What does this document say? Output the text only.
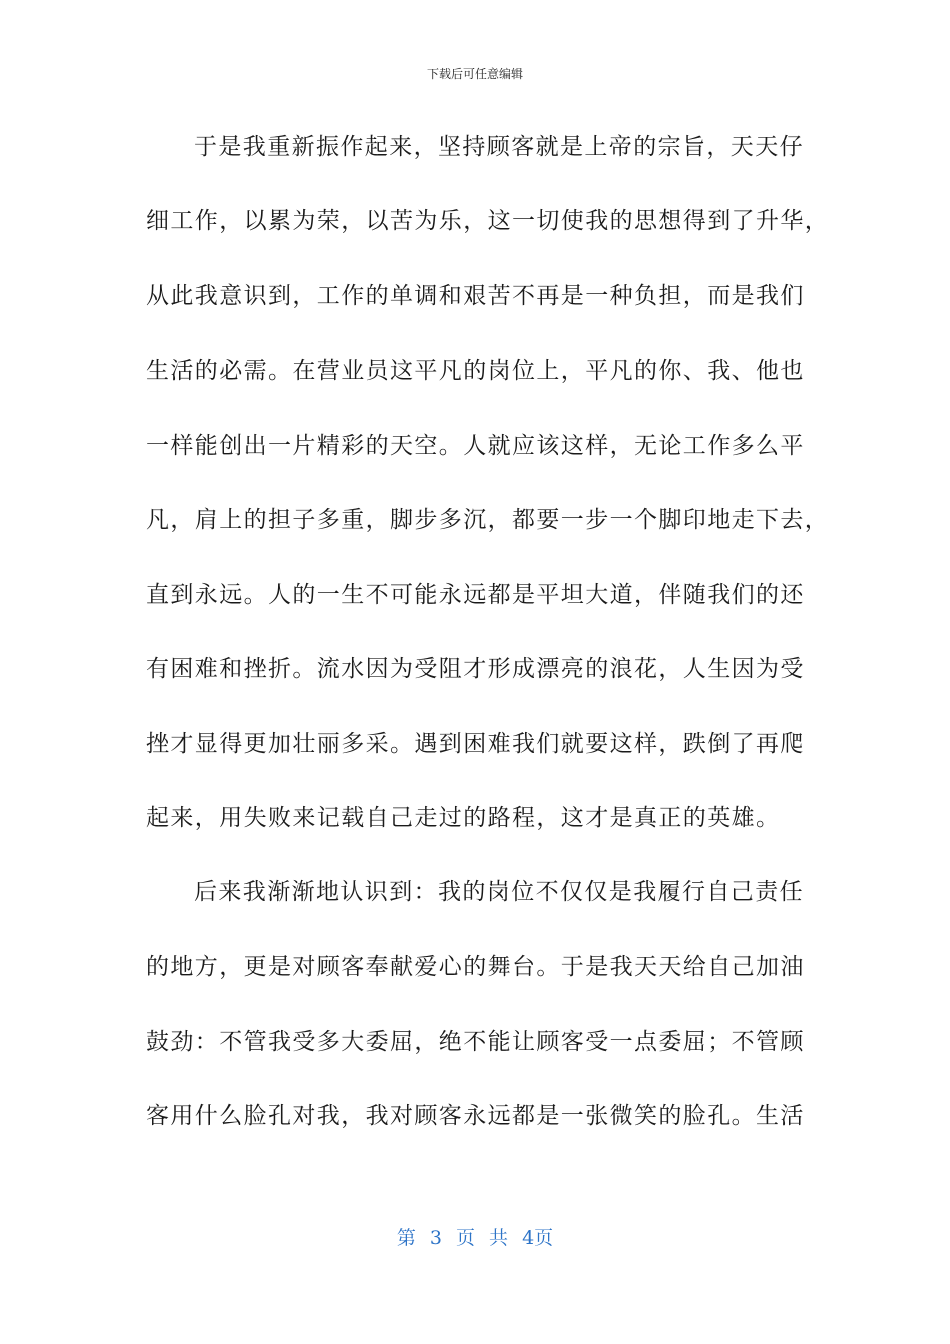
下载后可任意编辑
于是我重新振作起来，坚持顾客就是上帝的宗旨，天天仔
细工作，以累为荣，以苦为乐，这一切使我的思想得到了升华，
从此我意识到，工作的单调和艰苦不再是一种负担，而是我们
生活的必需。在营业员这平凡的岗位上，平凡的你、我、他也
一样能创出一片精彩的天空。人就应该这样，无论工作多么平
凡，肩上的担子多重，脚步多沉，都要一步一个脚印地走下去，
直到永远。人的一生不可能永远都是平坦大道，伴随我们的还
有困难和挫折。流水因为受阻才形成漂亮的浪花，人生因为受
挫才显得更加壮丽多采。遇到困难我们就要这样，跌倒了再爬
起来，用失败来记载自己走过的路程，这才是真正的英雄。
后来我渐渐地认识到：我的岗位不仅仅是我履行自己责任
的地方，更是对顾客奉献爱心的舞台。于是我天天给自己加油
鼓劲：不管我受多大委屈，绝不能让顾客受一点委屈；不管顾
客用什么脸孔对我，我对顾客永远都是一张微笑的脸孔。生活
第 3 页 共 4页
